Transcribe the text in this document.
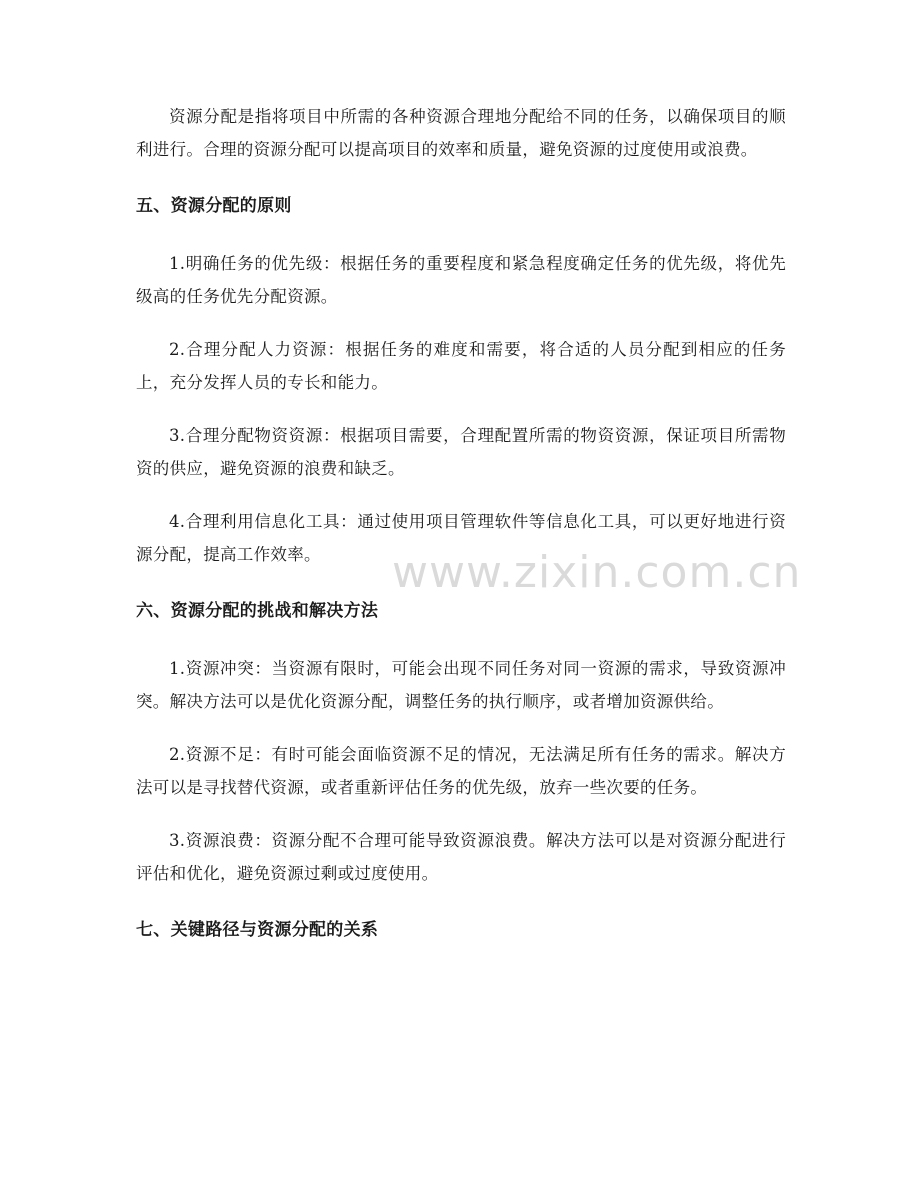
资源分配是指将项目中所需的各种资源合理地分配给不同的任务，以确保项目的顺利进行。合理的资源分配可以提高项目的效率和质量，避免资源的过度使用或浪费。

五、资源分配的原则

1.明确任务的优先级：根据任务的重要程度和紧急程度确定任务的优先级，将优先级高的任务优先分配资源。

2.合理分配人力资源：根据任务的难度和需要，将合适的人员分配到相应的任务上，充分发挥人员的专长和能力。

3.合理分配物资资源：根据项目需要，合理配置所需的物资资源，保证项目所需物资的供应，避免资源的浪费和缺乏。

4.合理利用信息化工具：通过使用项目管理软件等信息化工具，可以更好地进行资源分配，提高工作效率。

六、资源分配的挑战和解决方法

1.资源冲突：当资源有限时，可能会出现不同任务对同一资源的需求，导致资源冲突。解决方法可以是优化资源分配，调整任务的执行顺序，或者增加资源供给。

2.资源不足：有时可能会面临资源不足的情况，无法满足所有任务的需求。解决方法可以是寻找替代资源，或者重新评估任务的优先级，放弃一些次要的任务。

3.资源浪费：资源分配不合理可能导致资源浪费。解决方法可以是对资源分配进行评估和优化，避免资源过剩或过度使用。

七、关键路径与资源分配的关系
www.zixin.com.cn
